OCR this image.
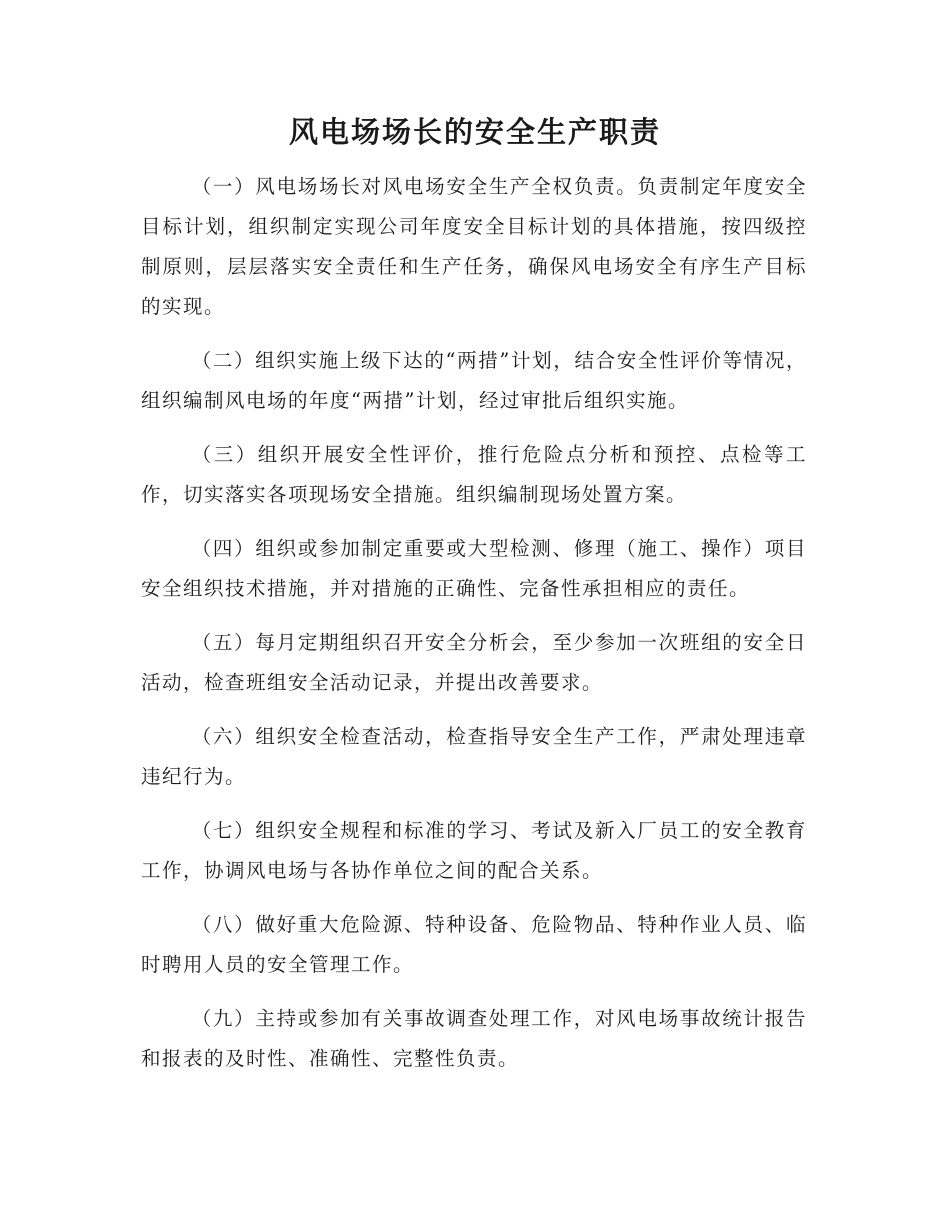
风电场场长的安全生产职责

（一）风电场场长对风电场安全生产全权负责。负责制定年度安全目标计划，组织制定实现公司年度安全目标计划的具体措施，按四级控制原则，层层落实安全责任和生产任务，确保风电场安全有序生产目标的实现。

（二）组织实施上级下达的“两措”计划，结合安全性评价等情况，组织编制风电场的年度“两措”计划，经过审批后组织实施。

（三）组织开展安全性评价，推行危险点分析和预控、点检等工作，切实落实各项现场安全措施。组织编制现场处置方案。

（四）组织或参加制定重要或大型检测、修理（施工、操作）项目安全组织技术措施，并对措施的正确性、完备性承担相应的责任。

（五）每月定期组织召开安全分析会，至少参加一次班组的安全日活动，检查班组安全活动记录，并提出改善要求。

（六）组织安全检查活动，检查指导安全生产工作，严肃处理违章违纪行为。

（七）组织安全规程和标准的学习、考试及新入厂员工的安全教育工作，协调风电场与各协作单位之间的配合关系。

（八）做好重大危险源、特种设备、危险物品、特种作业人员、临时聘用人员的安全管理工作。

（九）主持或参加有关事故调查处理工作，对风电场事故统计报告和报表的及时性、准确性、完整性负责。
